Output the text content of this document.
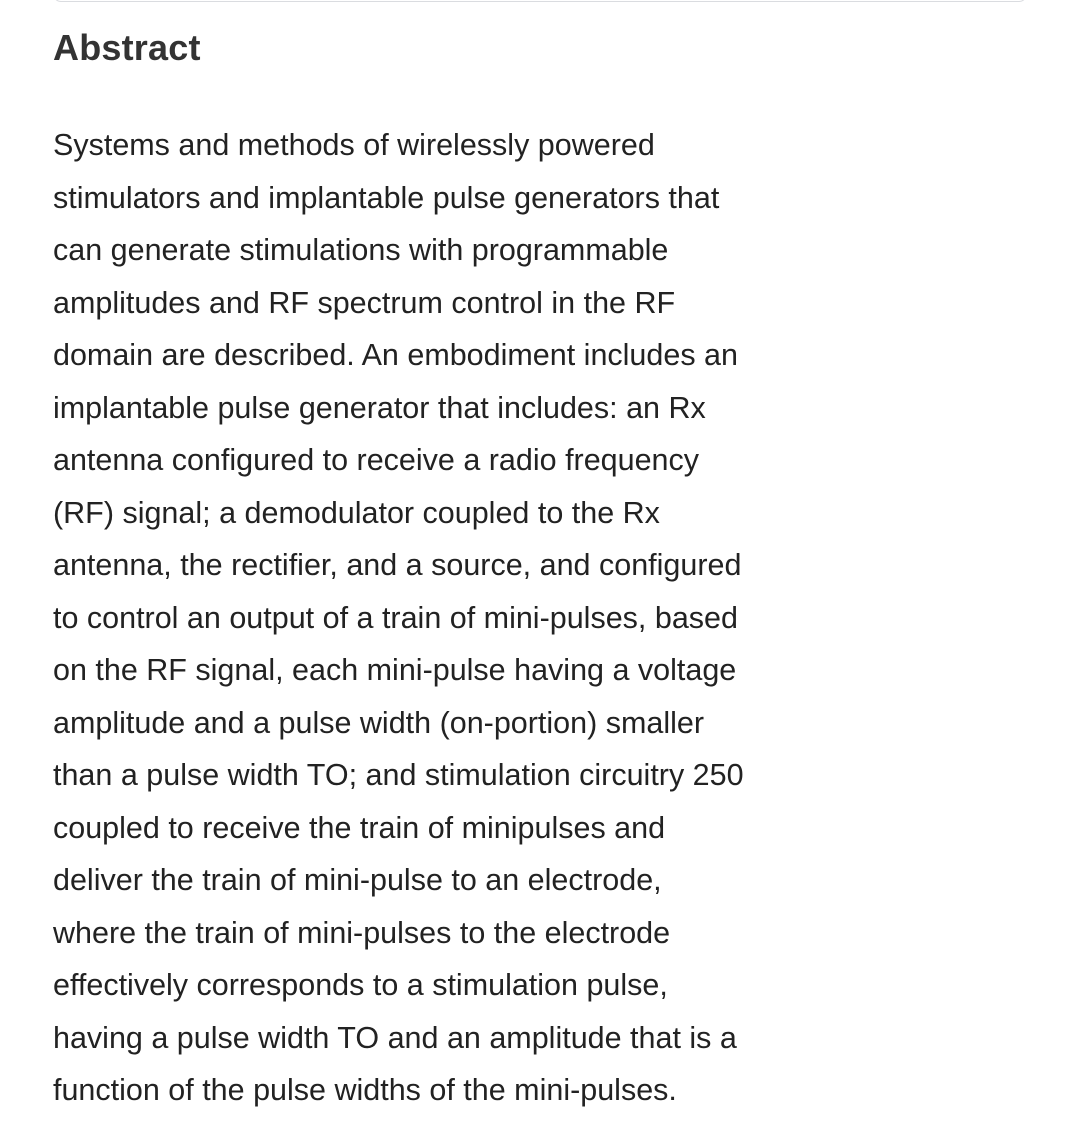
Abstract
Systems and methods of wirelessly powered
stimulators and implantable pulse generators that
can generate stimulations with programmable
amplitudes and RF spectrum control in the RF
domain are described. An embodiment includes an
implantable pulse generator that includes: an Rx
antenna configured to receive a radio frequency
(RF) signal; a demodulator coupled to the Rx
antenna, the rectifier, and a source, and configured
to control an output of a train of mini-pulses, based
on the RF signal, each mini-pulse having a voltage
amplitude and a pulse width (on-portion) smaller
than a pulse width TO; and stimulation circuitry 250
coupled to receive the train of minipulses and
deliver the train of mini-pulse to an electrode,
where the train of mini-pulses to the electrode
effectively corresponds to a stimulation pulse,
having a pulse width TO and an amplitude that is a
function of the pulse widths of the mini-pulses.
